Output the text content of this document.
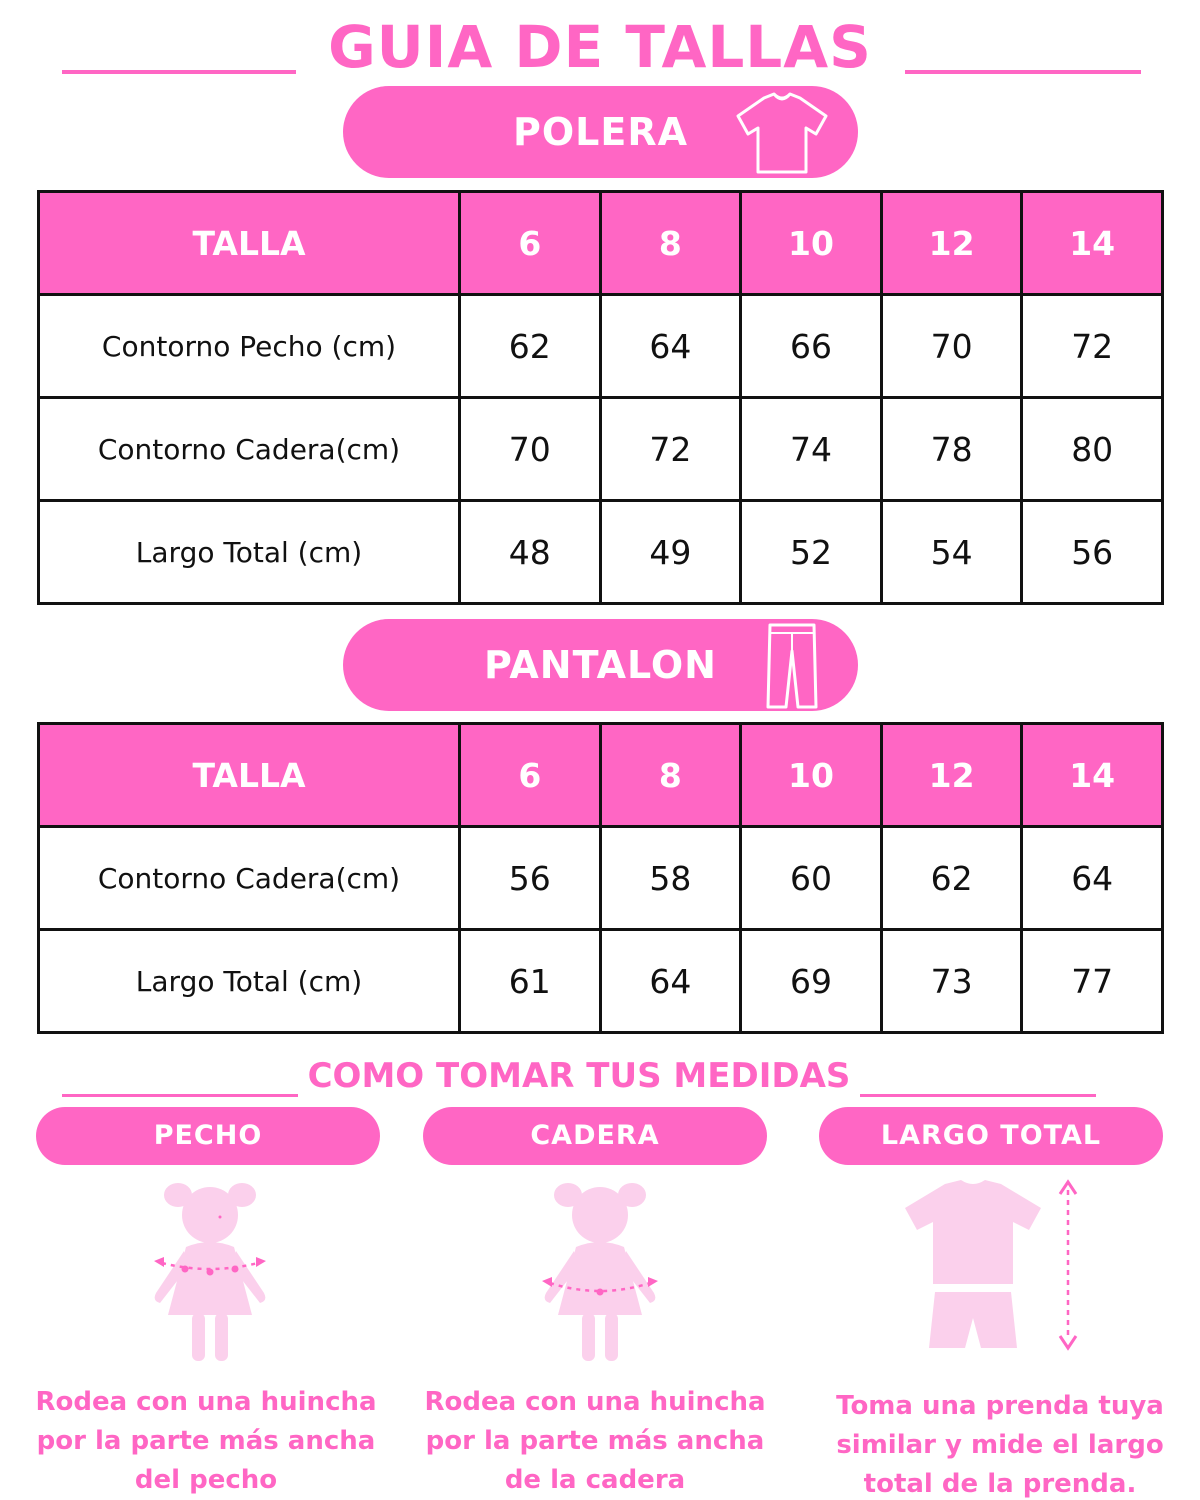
GUIA DE TALLAS
POLERA
TALLA	6	8	10	12	14
Contorno Pecho (cm)	62	64	66	70	72
Contorno Cadera(cm)	70	72	74	78	80
Largo Total (cm)	48	49	52	54	56
PANTALON
TALLA	6	8	10	12	14
Contorno Cadera(cm)	56	58	60	62	64
Largo Total (cm)	61	64	69	73	77
COMO TOMAR TUS MEDIDAS
PECHO	CADERA	LARGO TOTAL
Rodea con una huincha
por la parte más ancha
del pecho
Rodea con una huincha
por la parte más ancha
de la cadera
Toma una prenda tuya
similar y mide el largo
total de la prenda.
